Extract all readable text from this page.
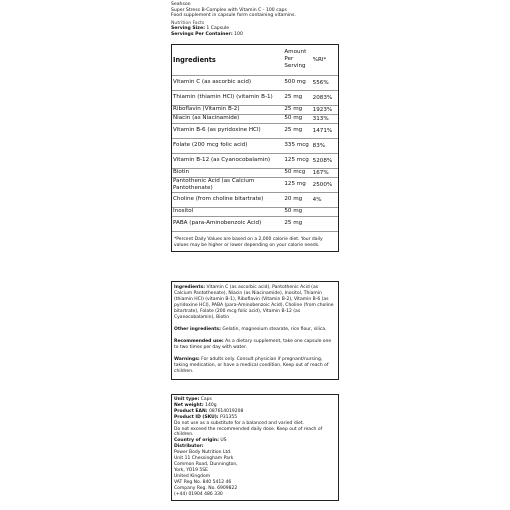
Seahson
Super Stress B-Complex with Vitamin C - 100 caps
Food supplement in capsule form containing vitamins.
Nutrition Facts
Serving Size: 1 Capsule
Servings Per Container: 100
Ingredients	Amount Per Serving	%RI*
Vitamin C (as ascorbic acid)	500 mg	556%
Thiamin (thiamin HCl) (vitamin B-1)	25 mg	2083%
Riboflavin (Vitamin B-2)	25 mg	1923%
Niacin (as Niacinamide)	50 mg	313%
Vitamin B-6 (as pyridoxine HCl)	25 mg	1471%
Folate (200 mcg folic acid)	335 mcg	83%
Vitamin B-12 (as Cyanocobalamin)	125 mcg	5208%
Biotin	50 mcg	167%
Pantothenic Acid (as Calcium Pantothenate)	125 mg	2500%
Choline (from choline bitartrate)	20 mg	4%
Inositol	50 mg	
PABA (para-Aminobenzoic Acid)	25 mg	
*Percent Daily Values are based on a 2,000 calorie diet. Your daily values may be higher or lower depending on your calorie needs.

Ingredients: Vitamin C (as ascorbic acid), Pantothenic Acid (as Calcium Pantothenate), Niacin (as Niacinamide), Inositol, Thiamin (thiamin HCl) (vitamin B-1), Riboflavin (Vitamin B-2), Vitamin B-6 (as pyridoxine HCl), PABA (para-Aminobenzoic Acid), Choline (from choline bitartrate), Folate (200 mcg folic acid), Vitamin B-12 (as Cyanocobalamin), Biotin

Other ingredients: Gelatin, magnesium stearate, rice flour, silica.

Recommended use: As a dietary supplement, take one capsule one to two times per day with water.

Warnings: For adults only. Consult physician if pregnant/nursing, taking medication, or have a medical condition. Keep out of reach of children.

Unit type: Caps
Net weight: 140g
Product EAN: 087614019208
Product ID (SKU): P31355
Do not use as a substitute for a balanced and varied diet.
Do not exceed the recommended daily dose. Keep out of reach of children.
Country of origin: US
Distributor:
Power Body Nutrition Ltd.
Unit 11 Chessingham Park
Common Road, Dunnington,
York, YO19 5SE
United Kingdom
VAT Reg No. 840 5412 46
Company Reg. No. 6909822
(+44) 01904 486 330
